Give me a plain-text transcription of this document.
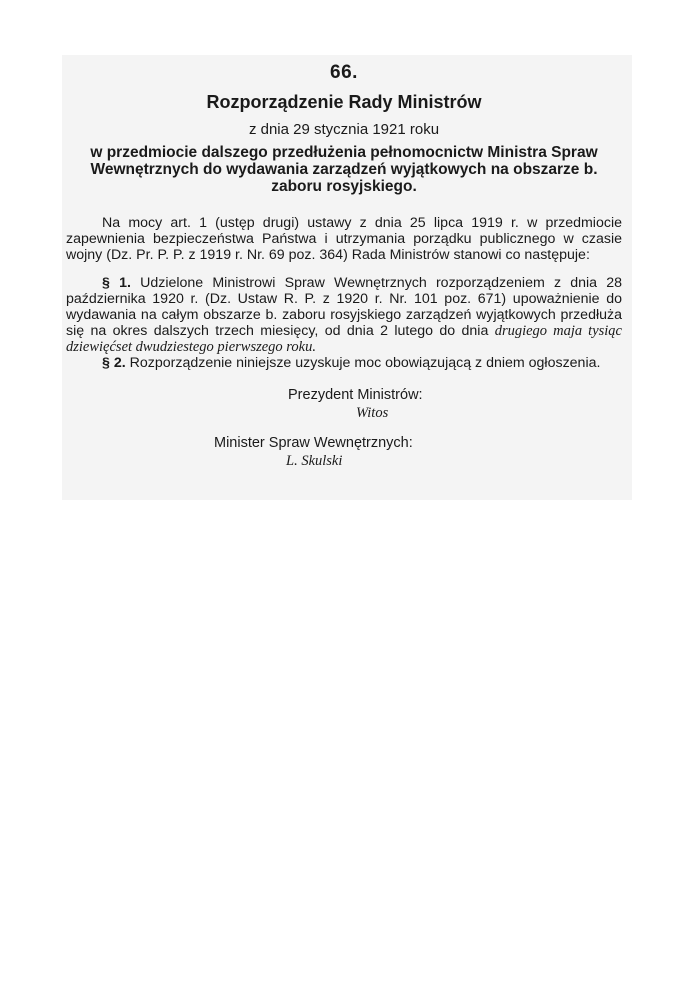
66.
Rozporządzenie Rady Ministrów
z dnia 29 stycznia 1921 roku
w przedmiocie dalszego przedłużenia pełnomocnictw Ministra Spraw Wewnętrznych do wydawania zarządzeń wyjątkowych na obszarze b. zaboru rosyjskiego.

Na mocy art. 1 (ustęp drugi) ustawy z dnia 25 lipca 1919 r. w przedmiocie zapewnienia bezpieczeństwa Państwa i utrzymania porządku publicznego w czasie wojny (Dz. Pr. P. P. z 1919 r. Nr. 69 poz. 364) Rada Ministrów stanowi co następuje:

§ 1. Udzielone Ministrowi Spraw Wewnętrznych rozporządzeniem z dnia 28 października 1920 r. (Dz. Ustaw R. P. z 1920 r. Nr. 101 poz. 671) upoważnienie do wydawania na całym obszarze b. zaboru rosyjskiego zarządzeń wyjątkowych przedłuża się na okres dalszych trzech miesięcy, od dnia 2 lutego do dnia drugiego maja tysiąc dziewięćset dwudziestego pierwszego roku.

§ 2. Rozporządzenie niniejsze uzyskuje moc obowiązującą z dniem ogłoszenia.

Prezydent Ministrów:
Witos
Minister Spraw Wewnętrznych:
L. Skulski
